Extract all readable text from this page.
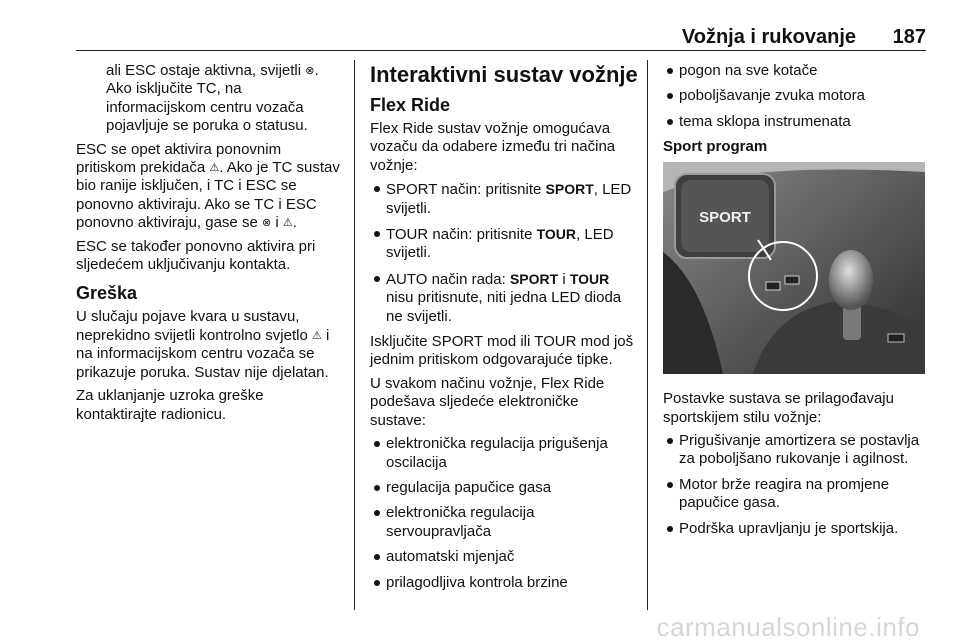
Vožnja i rukovanje 187

ali ESC ostaje aktivna, svijetli ⊗. Ako isključite TC, na informacijskom centru vozača pojavljuje se poruka o statusu.

ESC se opet aktivira ponovnim pritiskom prekidača ⚠. Ako je TC sustav bio ranije isključen, i TC i ESC se ponovno aktiviraju. Ako se TC i ESC ponovno aktiviraju, gase se ⊗ i ⚠.

ESC se također ponovno aktivira pri sljedećem uključivanju kontakta.

Greška

U slučaju pojave kvara u sustavu, neprekidno svijetli kontrolno svjetlo ⚠ i na informacijskom centru vozača se prikazuje poruka. Sustav nije djelatan.

Za uklanjanje uzroka greške kontaktirajte radionicu.

Interaktivni sustav vožnje
Flex Ride

Flex Ride sustav vožnje omogućava vozaču da odabere između tri načina vožnje:

SPORT način: pritisnite SPORT, LED svijetli.
TOUR način: pritisnite TOUR, LED svijetli.
AUTO način rada: SPORT i TOUR nisu pritisnute, niti jedna LED dioda ne svijetli.

Isključite SPORT mod ili TOUR mod još jednim pritiskom odgovarajuće tipke.

U svakom načinu vožnje, Flex Ride podešava sljedeće elektroničke sustave:

elektronička regulacija prigušenja oscilacija
regulacija papučice gasa
elektronička regulacija servoupravljača
automatski mjenjač
prilagodljiva kontrola brzine
pogon na sve kotače
poboljšavanje zvuka motora
tema sklopa instrumenata
Sport program
SPORT

Postavke sustava se prilagođavaju sportskijem stilu vožnje:

Prigušivanje amortizera se postavlja za poboljšano rukovanje i agilnost.
Motor brže reagira na promjene papučice gasa.
Podrška upravljanju je sportskija.
carmanualsonline.info
